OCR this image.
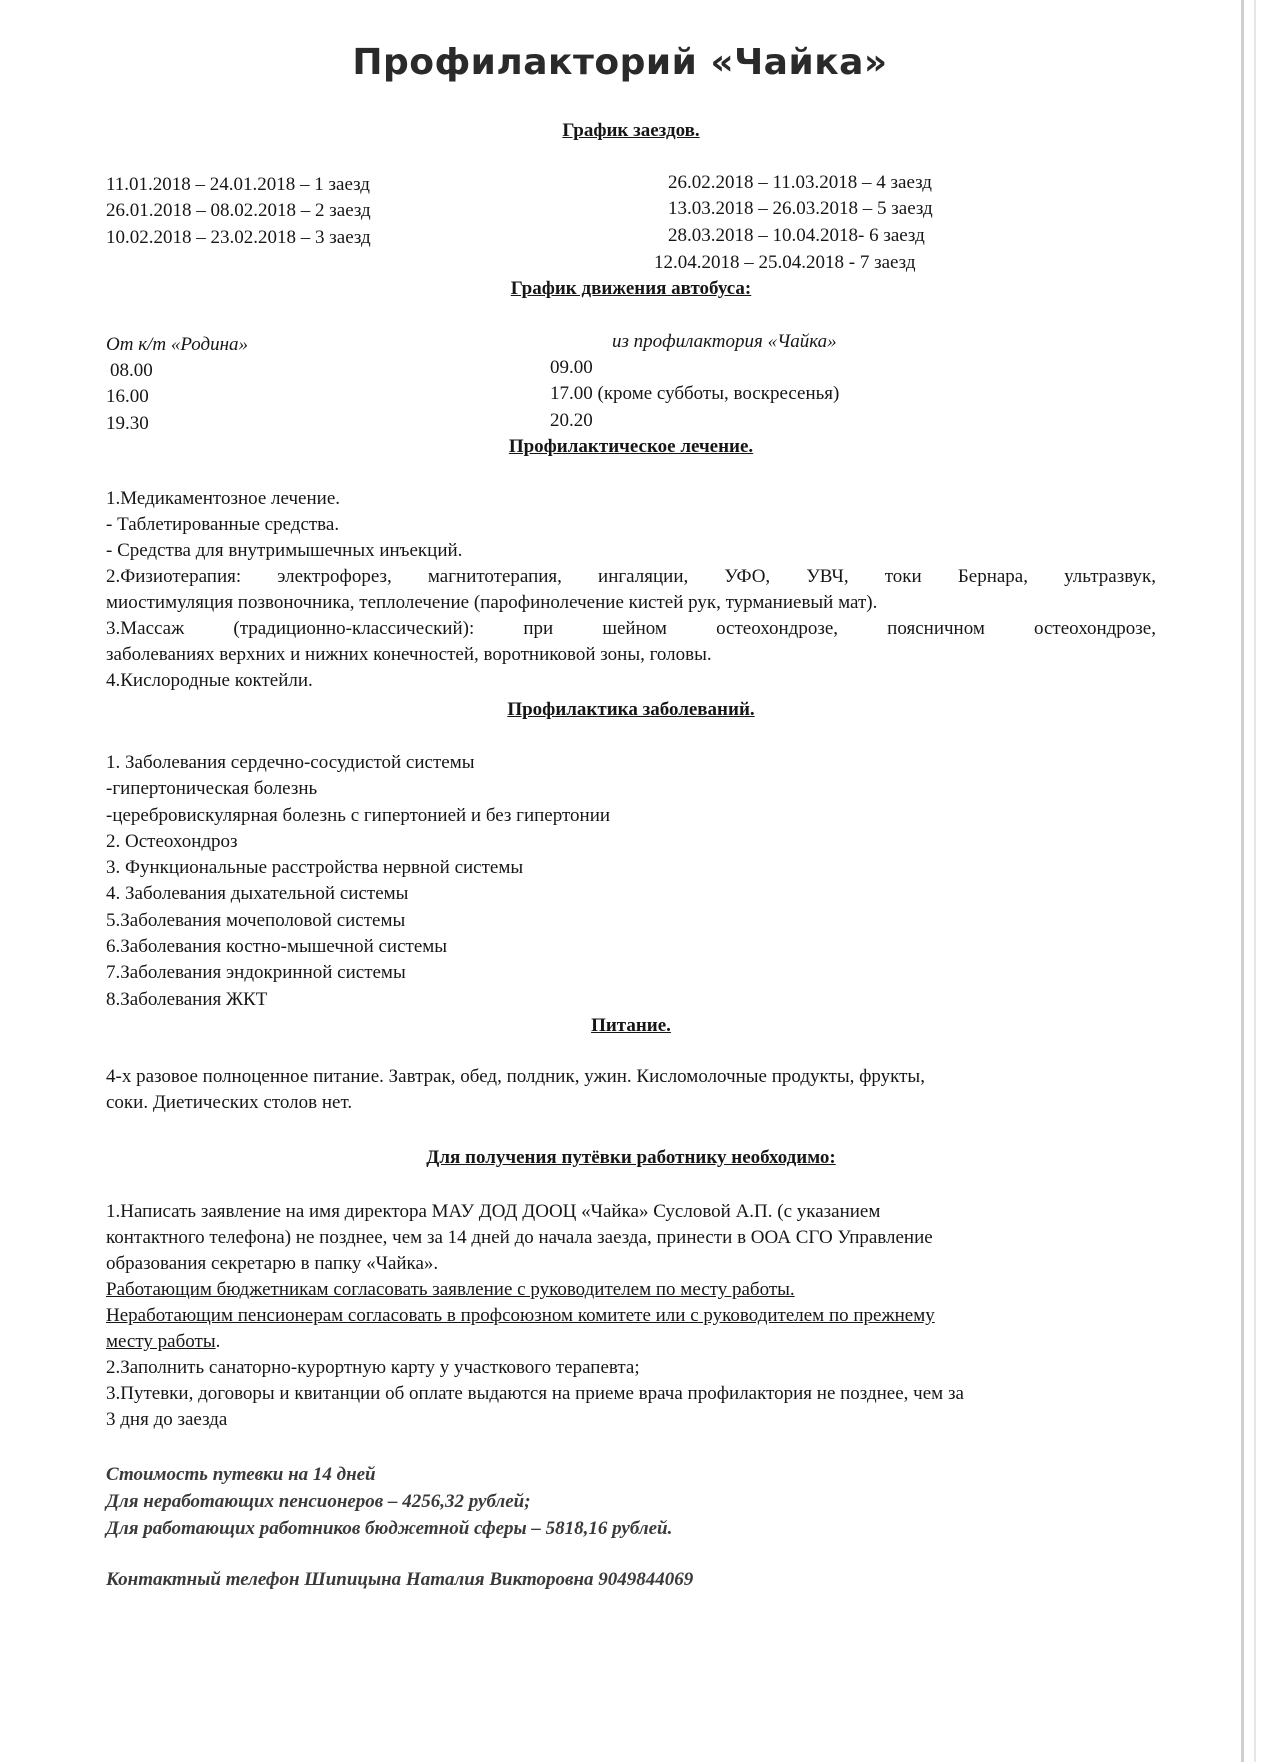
Профилакторий «Чайка»
График заездов.
11.01.2018 – 24.01.2018 – 1 заезд
26.01.2018 – 08.02.2018 – 2 заезд
10.02.2018 – 23.02.2018 – 3 заезд
26.02.2018 – 11.03.2018 – 4 заезд
13.03.2018 – 26.03.2018 – 5 заезд
28.03.2018 – 10.04.2018- 6 заезд
12.04.2018 – 25.04.2018 - 7 заезд
График движения автобуса:
От к/т «Родина»	из профилактория «Чайка»
08.00
16.00
19.30
09.00
17.00 (кроме субботы, воскресенья)
20.20
Профилактическое лечение.
1.Медикаментозное лечение.
- Таблетированные средства.
- Средства для внутримышечных инъекций.
2.Физиотерапия: электрофорез, магнитотерапия, ингаляции, УФО, УВЧ, токи Бернара, ультразвук,
миостимуляция позвоночника, теплолечение (парофинолечение кистей рук, турманиевый мат).
3.Массаж (традиционно-классический): при шейном остеохондрозе, поясничном остеохондрозе,
заболеваниях верхних и нижних конечностей, воротниковой зоны, головы.
4.Кислородные коктейли.
Профилактика заболеваний.
1. Заболевания сердечно-сосудистой системы
-гипертоническая болезнь
-церебровискулярная болезнь с гипертонией и без гипертонии
2. Остеохондроз
3. Функциональные расстройства нервной системы
4. Заболевания дыхательной системы
5.Заболевания мочеполовой системы
6.Заболевания костно-мышечной системы
7.Заболевания эндокринной системы
8.Заболевания ЖКТ
Питание.
4-х разовое полноценное питание. Завтрак, обед, полдник, ужин. Кисломолочные продукты, фрукты,
соки. Диетических столов нет.
Для получения путёвки работнику необходимо:
1.Написать заявление на имя директора МАУ ДОД ДООЦ «Чайка» Сусловой А.П. (с указанием
контактного телефона) не позднее, чем за 14 дней до начала заезда, принести в ООА СГО Управление
образования секретарю в папку «Чайка».
Работающим бюджетникам согласовать заявление с руководителем по месту работы.
Неработающим пенсионерам согласовать в профсоюзном комитете или с руководителем по прежнему
месту работы.
2.Заполнить санаторно-курортную карту у участкового терапевта;
3.Путевки, договоры и квитанции об оплате выдаются на приеме врача профилактория не позднее, чем за
3 дня до заезда
Стоимость путевки на 14 дней
Для неработающих пенсионеров – 4256,32 рублей;
Для работающих работников бюджетной сферы – 5818,16 рублей.
Контактный телефон Шипицына Наталия Викторовна 9049844069
